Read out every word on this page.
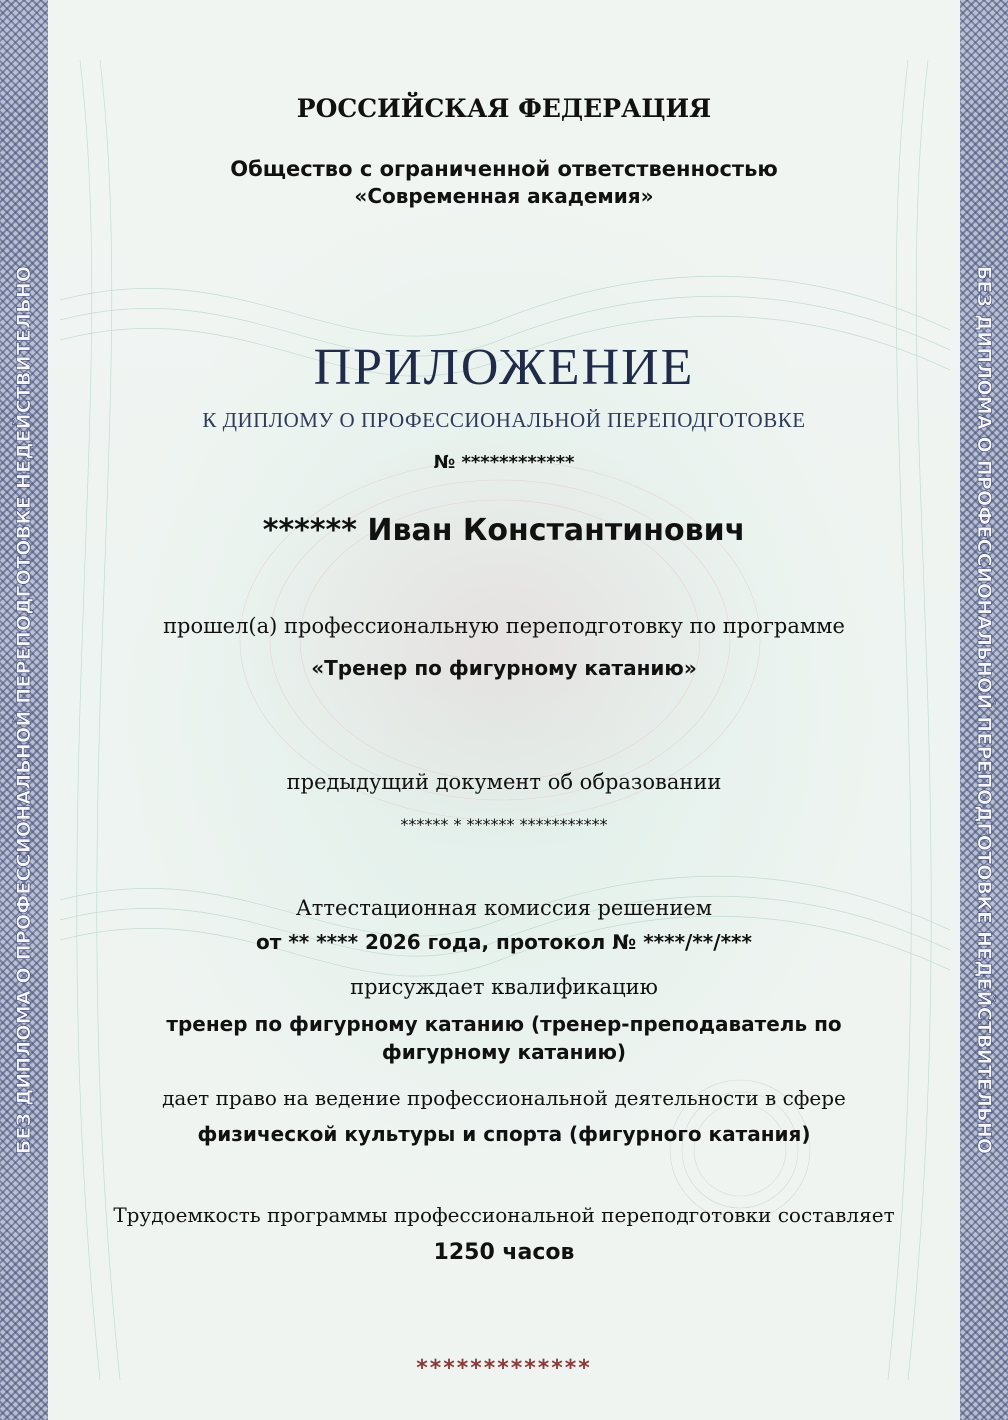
БЕЗ ДИПЛОМА О ПРОФЕССИОНАЛЬНОЙ ПЕРЕПОДГОТОВКЕ НЕДЕЙСТВИТЕЛЬНО	БЕЗ ДИПЛОМА О ПРОФЕССИОНАЛЬНОЙ ПЕРЕПОДГОТОВКЕ НЕДЕЙСТВИТЕЛЬНО
РОССИЙСКАЯ ФЕДЕРАЦИЯ
Общество с ограниченной ответственностью
«Современная академия»
ПРИЛОЖЕНИЕ
К ДИПЛОМУ О ПРОФЕССИОНАЛЬНОЙ ПЕРЕПОДГОТОВКЕ
№ ************
****** Иван Константинович
прошел(а) профессиональную переподготовку по программе
«Тренер по фигурному катанию»
предыдущий документ об образовании
****** * ****** ***********
Аттестационная комиссия решением
от ** **** 2026 года, протокол № ****/**/***
присуждает квалификацию
тренер по фигурному катанию (тренер-преподаватель по
фигурному катанию)
дает право на ведение профессиональной деятельности в сфере
физической культуры и спорта (фигурного катания)
Трудоемкость программы профессиональной переподготовки составляет
1250 часов
*************
